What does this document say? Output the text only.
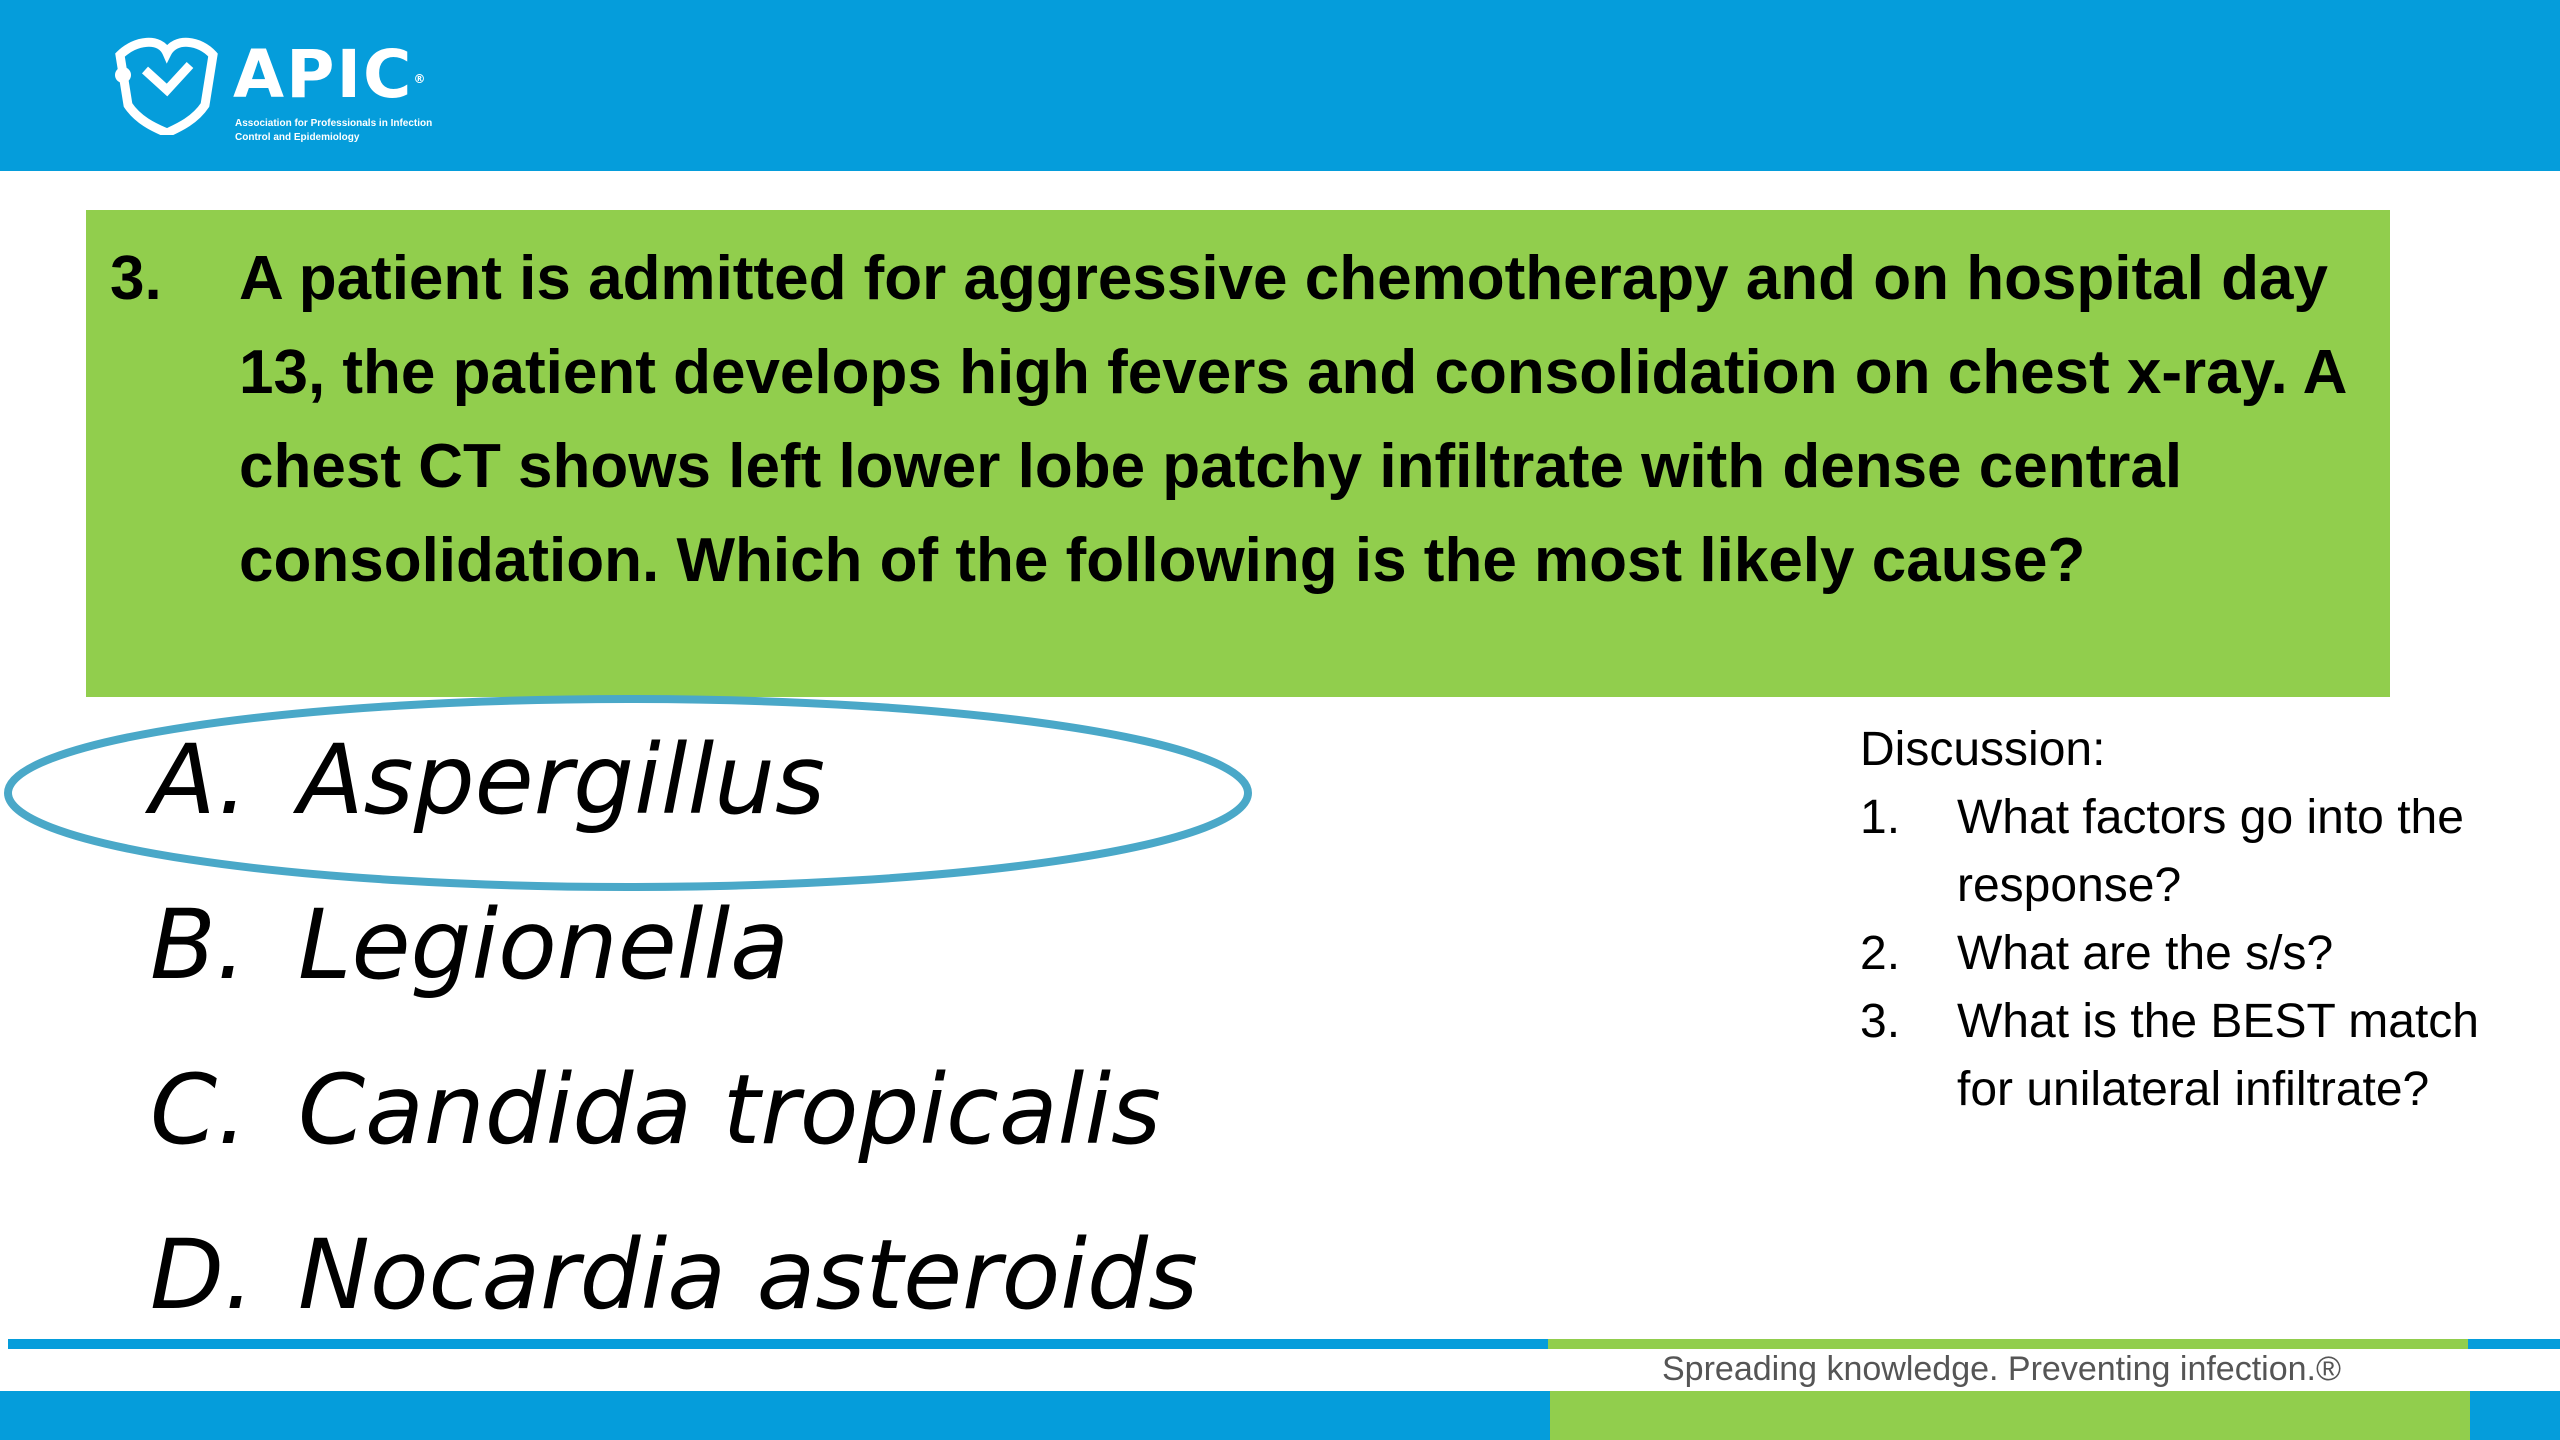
APIC®
Association for Professionals in Infection Control and Epidemiology
3. A patient is admitted for aggressive chemotherapy and on hospital day 13, the patient develops high fevers and consolidation on chest x-ray. A chest CT shows left lower lobe patchy infiltrate with dense central consolidation. Which of the following is the most likely cause?
A. Aspergillus
B. Legionella
C. Candida tropicalis
D. Nocardia asteroids
Discussion:
1.	What factors go into the response?
2.	What are the s/s?
3.	What is the BEST match for unilateral infiltrate?
Spreading knowledge. Preventing infection.®
